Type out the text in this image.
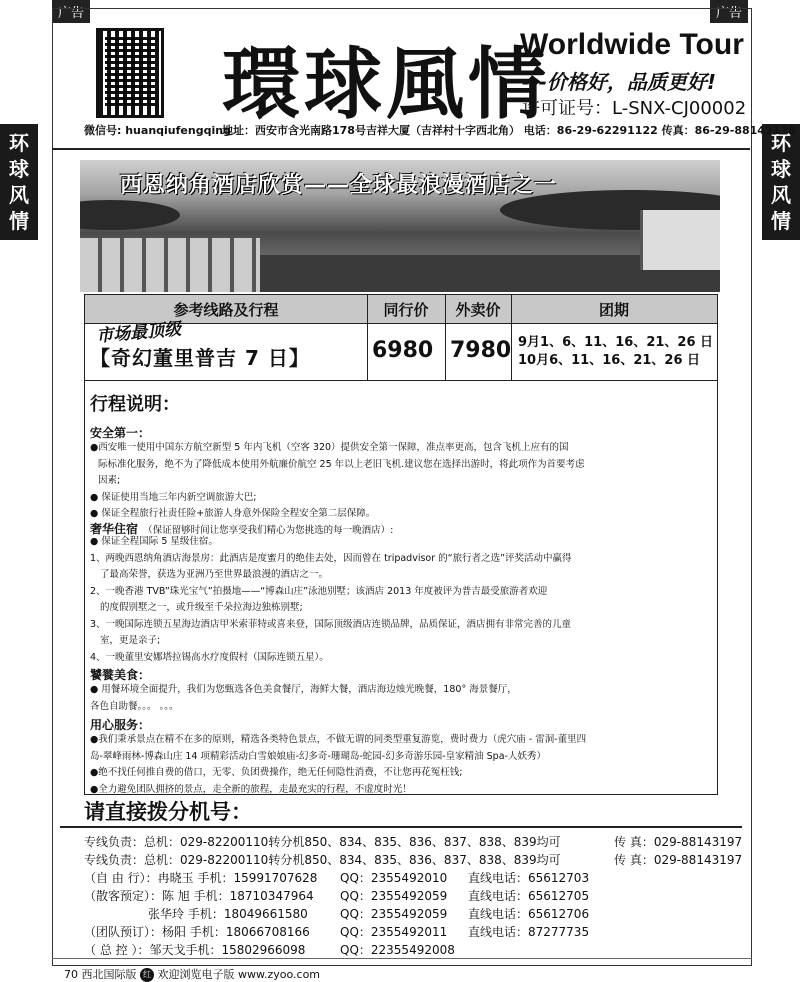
广告	广告
环
球
风
情
环
球
风
情
環球風情
Worldwide Tour
---价格好，品质更好!
许可证号：L-SNX-CJ00002
微信号: huanqiufengqing
地址：西安市含光南路178号吉祥大厦（吉祥村十字西北角） 电话：86-29-62291122 传真：86-29-88143178
西恩纳角酒店欣赏——全球最浪漫酒店之一
参考线路及行程	同行价	外卖价	团期
市场最顶级
【奇幻董里普吉 7 日】	6980 7980 9月1、6、11、16、21、26 日
10月6、11、16、21、26 日
行程说明：
安全第一：
●西安唯一使用中国东方航空新型 5 年内飞机（空客 320）提供安全第一保障，准点率更高，包含飞机上应有的国
际标准化服务，绝不为了降低成本使用外航廉价航空 25 年以上老旧飞机.建议您在选择出游时，将此项作为首要考虑
因素;
● 保证使用当地三年内新空调旅游大巴;
● 保证全程旅行社责任险+旅游人身意外保险全程安全第二层保障。
奢华住宿 （保证留够时间让您享受我们精心为您挑选的每一晚酒店）:
● 保证全程国际 5 星级住宿。
1、两晚西恩纳角酒店海景房：此酒店是度蜜月的绝佳去处，因而曾在 tripadvisor 的“旅行者之选”评奖活动中赢得
了最高荣誉，获选为亚洲乃至世界最浪漫的酒店之一。
2、一晚香港 TVB”珠光宝气”拍摄地——“博森山庄”泳池别墅；该酒店 2013 年度被评为普吉最受旅游者欢迎
的度假别墅之一，或升级至千朵拉海边独栋别墅;
3、一晚国际连锁五星海边酒店甲米索菲特或喜来登，国际顶级酒店连锁品牌，品质保证，酒店拥有非常完善的儿童
室，更是亲子;
4、一晚董里安娜塔拉锡高水疗度假村（国际连锁五星）。
饕餮美食：
● 用餐环境全面提升，我们为您甄选各色美食餐厅，海鲜大餐，酒店海边烛光晚餐，180° 海景餐厅，
各色自助餐。。。 。。。
用心服务：
●我们秉承景点在精不在多的原则，精选各类特色景点，不做无谓的同类型重复游览，费时费力（虎穴庙 - 雷洞-董里四
岛-翠峰雨林-博森山庄 14 项精彩活动白雪娘娘庙-幻多奇-珊瑚岛-蛇园-幻多奇游乐园-皇家精油 Spa-人妖秀）
●绝不找任何推自费的借口，无零、负团费操作，绝无任何隐性消费，不让您再花冤枉钱;
●全力避免团队拥挤的景点，走全新的旅程，走最充实的行程，不虚度时光！
请直接拨分机号：
专线负责：总机：029-82200110转分机850、834、835、836、837、838、839均可	传 真：029-88143197
专线负责：总机：029-82200110转分机850、834、835、836、837、838、839均可	传 真：029-88143197
（自 由 行）：冉晓玉 手机：15991707628 QQ：2355492010 直线电话：65612703
（散客预定）：陈 旭 手机：18710347964 QQ：2355492059 直线电话：65612705
张华玲 手机：18049661580	QQ：2355492059 直线电话：65612706
（团队预订）：杨阳 手机：18066708166	QQ：2355492011 直线电话：87277735
（ 总 控 ）：邹天戈手机：15802966098	QQ：22355492008
70 西北国际版 红 欢迎浏览电子版 www.zyoo.com
